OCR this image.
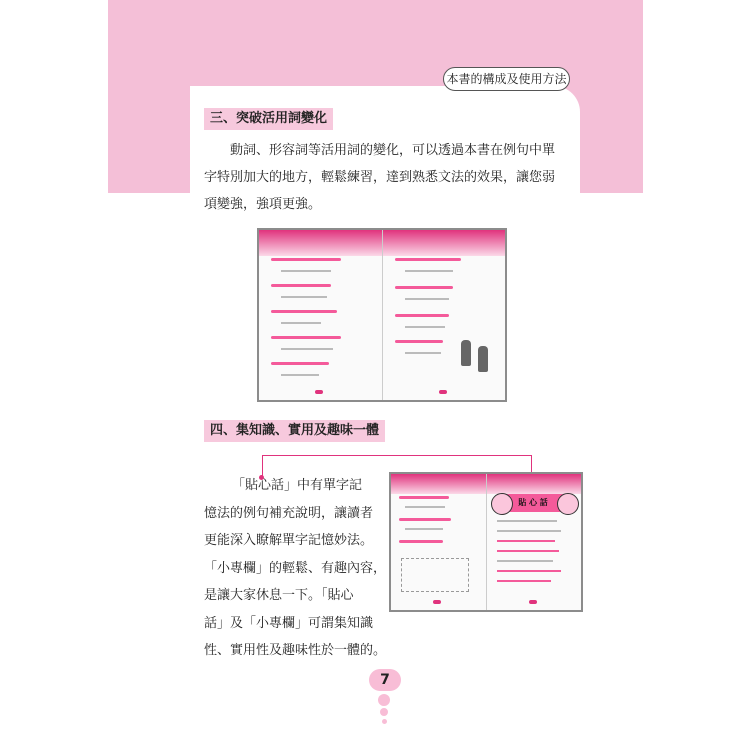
本書的構成及使用方法
三、突破活用詞變化
　　動詞、形容詞等活用詞的變化，可以透過本書在例句中單
字特別加大的地方，輕鬆練習，達到熟悉文法的效果，讓您弱
項變強，強項更強。
四、集知識、實用及趣味一體
「貼心話」中有單字記
憶法的例句補充說明，讓讀者
更能深入瞭解單字記憶妙法。
「小專欄」的輕鬆、有趣內容，
是讓大家休息一下。「貼心
話」及「小專欄」可謂集知識
性、實用性及趣味性於一體的。
貼 心 話
7
